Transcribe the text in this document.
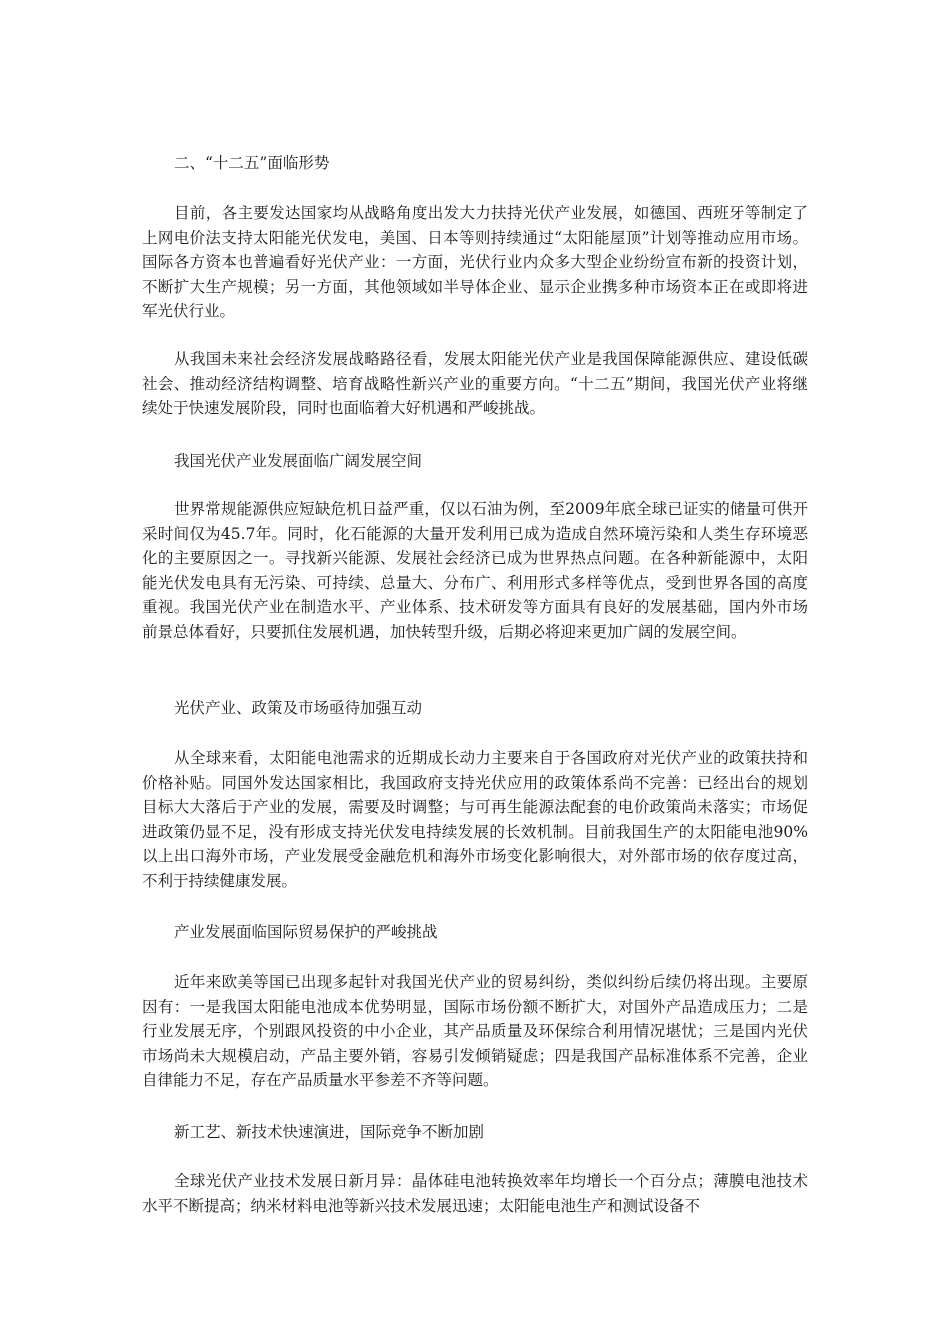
二、“十二五”面临形势

目前，各主要发达国家均从战略角度出发大力扶持光伏产业发展，如德国、西班牙等制定了上网电价法支持太阳能光伏发电，美国、日本等则持续通过“太阳能屋顶”计划等推动应用市场。国际各方资本也普遍看好光伏产业：一方面，光伏行业内众多大型企业纷纷宣布新的投资计划，不断扩大生产规模；另一方面，其他领域如半导体企业、显示企业携多种市场资本正在或即将进军光伏行业。

从我国未来社会经济发展战略路径看，发展太阳能光伏产业是我国保障能源供应、建设低碳社会、推动经济结构调整、培育战略性新兴产业的重要方向。“十二五”期间，我国光伏产业将继续处于快速发展阶段，同时也面临着大好机遇和严峻挑战。

我国光伏产业发展面临广阔发展空间

世界常规能源供应短缺危机日益严重，仅以石油为例，至2009年底全球已证实的储量可供开采时间仅为45.7年。同时，化石能源的大量开发利用已成为造成自然环境污染和人类生存环境恶化的主要原因之一。寻找新兴能源、发展社会经济已成为世界热点问题。在各种新能源中，太阳能光伏发电具有无污染、可持续、总量大、分布广、利用形式多样等优点，受到世界各国的高度重视。我国光伏产业在制造水平、产业体系、技术研发等方面具有良好的发展基础，国内外市场前景总体看好，只要抓住发展机遇，加快转型升级，后期必将迎来更加广阔的发展空间。

光伏产业、政策及市场亟待加强互动

从全球来看，太阳能电池需求的近期成长动力主要来自于各国政府对光伏产业的政策扶持和价格补贴。同国外发达国家相比，我国政府支持光伏应用的政策体系尚不完善：已经出台的规划目标大大落后于产业的发展，需要及时调整；与可再生能源法配套的电价政策尚未落实；市场促进政策仍显不足，没有形成支持光伏发电持续发展的长效机制。目前我国生产的太阳能电池90%以上出口海外市场，产业发展受金融危机和海外市场变化影响很大，对外部市场的依存度过高，不利于持续健康发展。

产业发展面临国际贸易保护的严峻挑战

近年来欧美等国已出现多起针对我国光伏产业的贸易纠纷，类似纠纷后续仍将出现。主要原因有：一是我国太阳能电池成本优势明显，国际市场份额不断扩大，对国外产品造成压力；二是行业发展无序，个别跟风投资的中小企业，其产品质量及环保综合利用情况堪忧；三是国内光伏市场尚未大规模启动，产品主要外销，容易引发倾销疑虑；四是我国产品标准体系不完善，企业自律能力不足，存在产品质量水平参差不齐等问题。

新工艺、新技术快速演进，国际竞争不断加剧

全球光伏产业技术发展日新月异：晶体硅电池转换效率年均增长一个百分点；薄膜电池技术水平不断提高；纳米材料电池等新兴技术发展迅速；太阳能电池生产和测试设备不
